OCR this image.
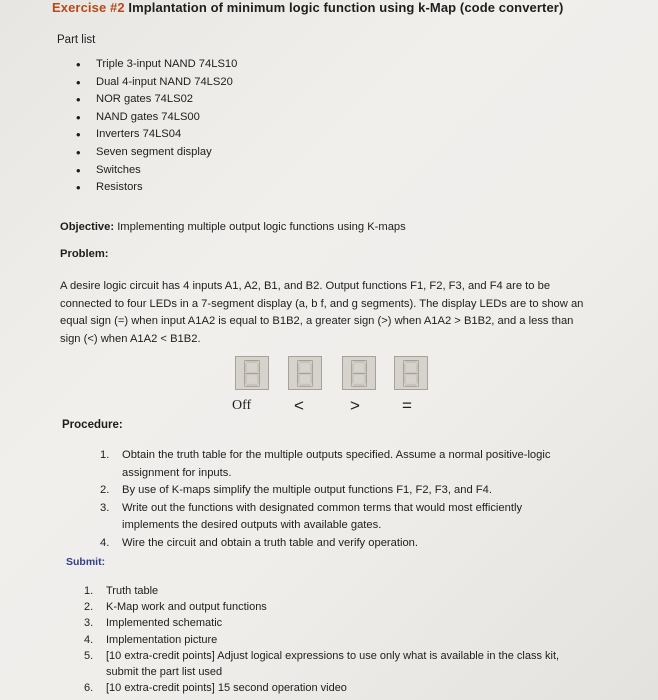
Exercise #2 Implantation of minimum logic function using k-Map (code converter)
Part list
• Triple 3-input NAND 74LS10
• Dual 4-input NAND 74LS20
• NOR gates 74LS02
• NAND gates 74LS00
• Inverters 74LS04
• Seven segment display
• Switches
• Resistors
Objective: Implementing multiple output logic functions using K-maps
Problem:
A desire logic circuit has 4 inputs A1, A2, B1, and B2. Output functions F1, F2, F3, and F4 are to be connected to four LEDs in a 7-segment display (a, b f, and g segments). The display LEDs are to show an equal sign (=) when input A1A2 is equal to B1B2, a greater sign (>) when A1A2 > B1B2, and a less than sign (<) when A1A2 < B1B2.
Off	<	> =
Procedure:
1. Obtain the truth table for the multiple outputs specified. Assume a normal positive-logic assignment for inputs.
2. By use of K-maps simplify the multiple output functions F1, F2, F3, and F4.
3. Write out the functions with designated common terms that would most efficiently implements the desired outputs with available gates.
4. Wire the circuit and obtain a truth table and verify operation.
Submit:
1. Truth table
2. K-Map work and output functions
3. Implemented schematic
4. Implementation picture
5. [10 extra-credit points] Adjust logical expressions to use only what is available in the class kit, submit the part list used
6. [10 extra-credit points] 15 second operation video
